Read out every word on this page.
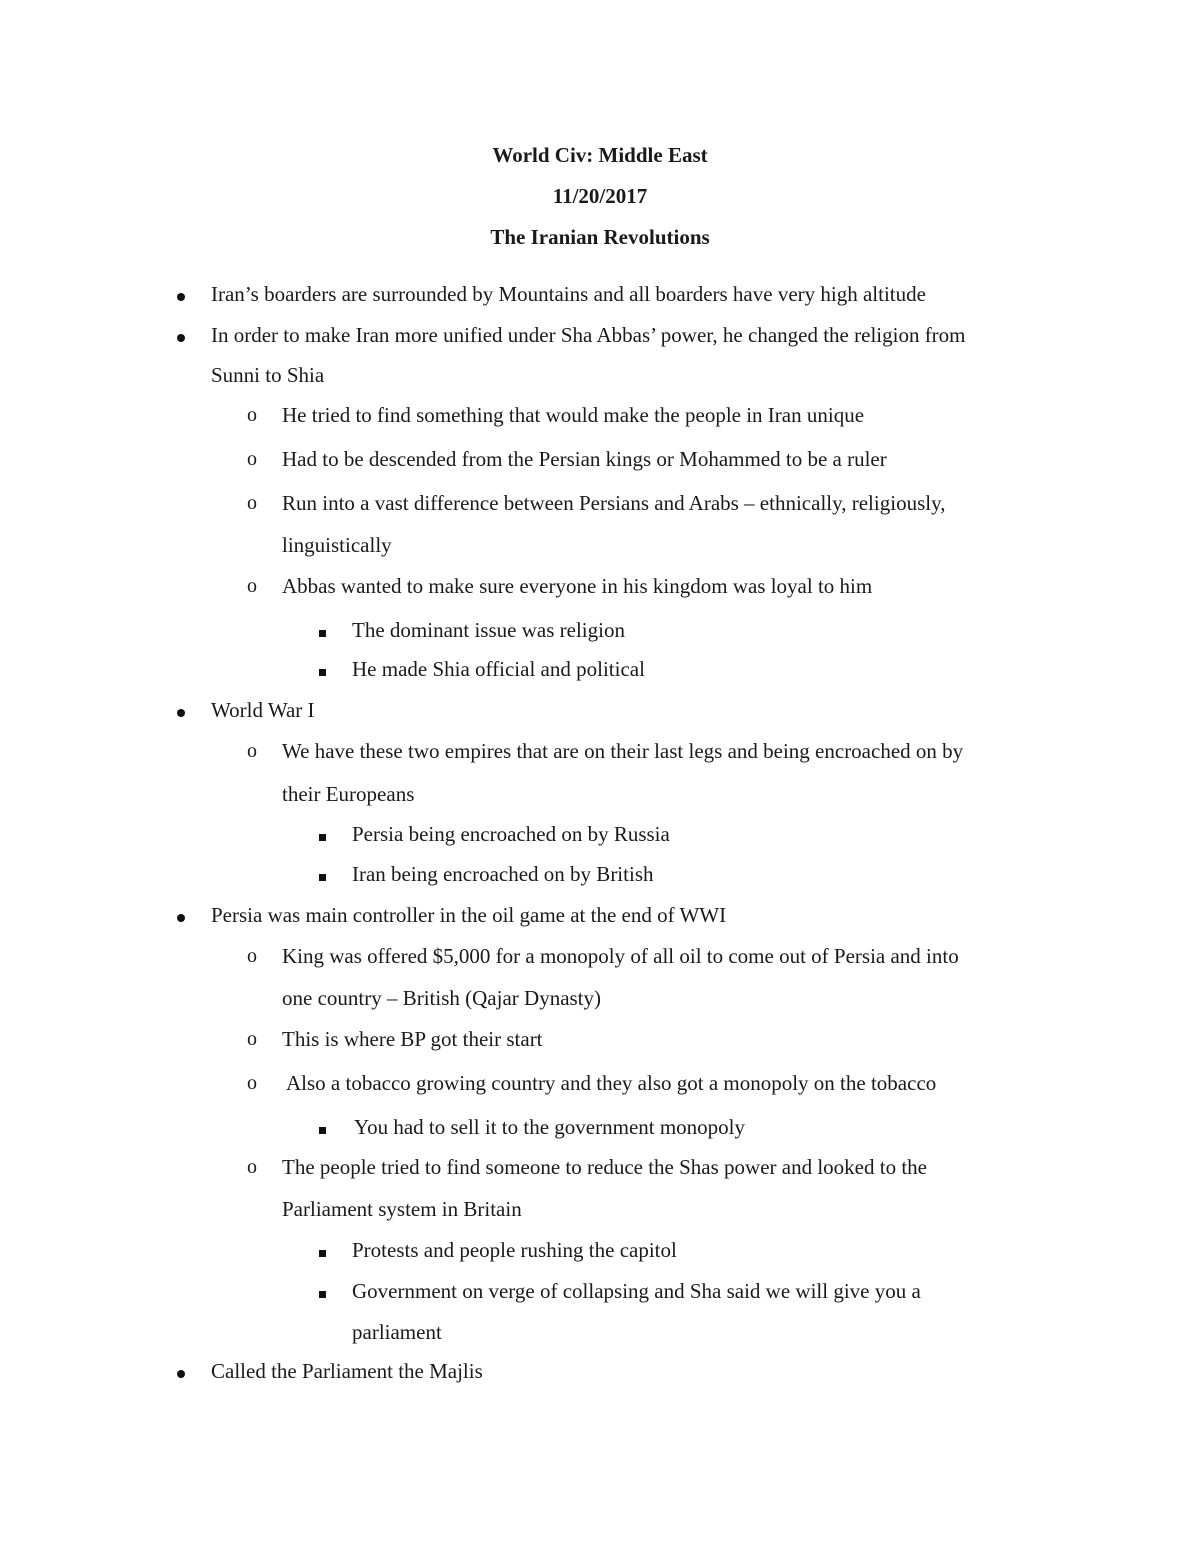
World Civ: Middle East
11/20/2017
The Iranian Revolutions
Iran’s boarders are surrounded by Mountains and all boarders have very high altitude
In order to make Iran more unified under Sha Abbas’ power, he changed the religion from
Sunni to Shia
o He tried to find something that would make the people in Iran unique
o Had to be descended from the Persian kings or Mohammed to be a ruler
o Run into a vast difference between Persians and Arabs – ethnically, religiously,
linguistically
o Abbas wanted to make sure everyone in his kingdom was loyal to him
The dominant issue was religion
He made Shia official and political
World War I
o We have these two empires that are on their last legs and being encroached on by
their Europeans
Persia being encroached on by Russia
Iran being encroached on by British
Persia was main controller in the oil game at the end of WWI
o King was offered $5,000 for a monopoly of all oil to come out of Persia and into
one country – British (Qajar Dynasty)
o This is where BP got their start
o Also a tobacco growing country and they also got a monopoly on the tobacco
You had to sell it to the government monopoly
o The people tried to find someone to reduce the Shas power and looked to the
Parliament system in Britain
Protests and people rushing the capitol
Government on verge of collapsing and Sha said we will give you a
parliament
Called the Parliament the Majlis
